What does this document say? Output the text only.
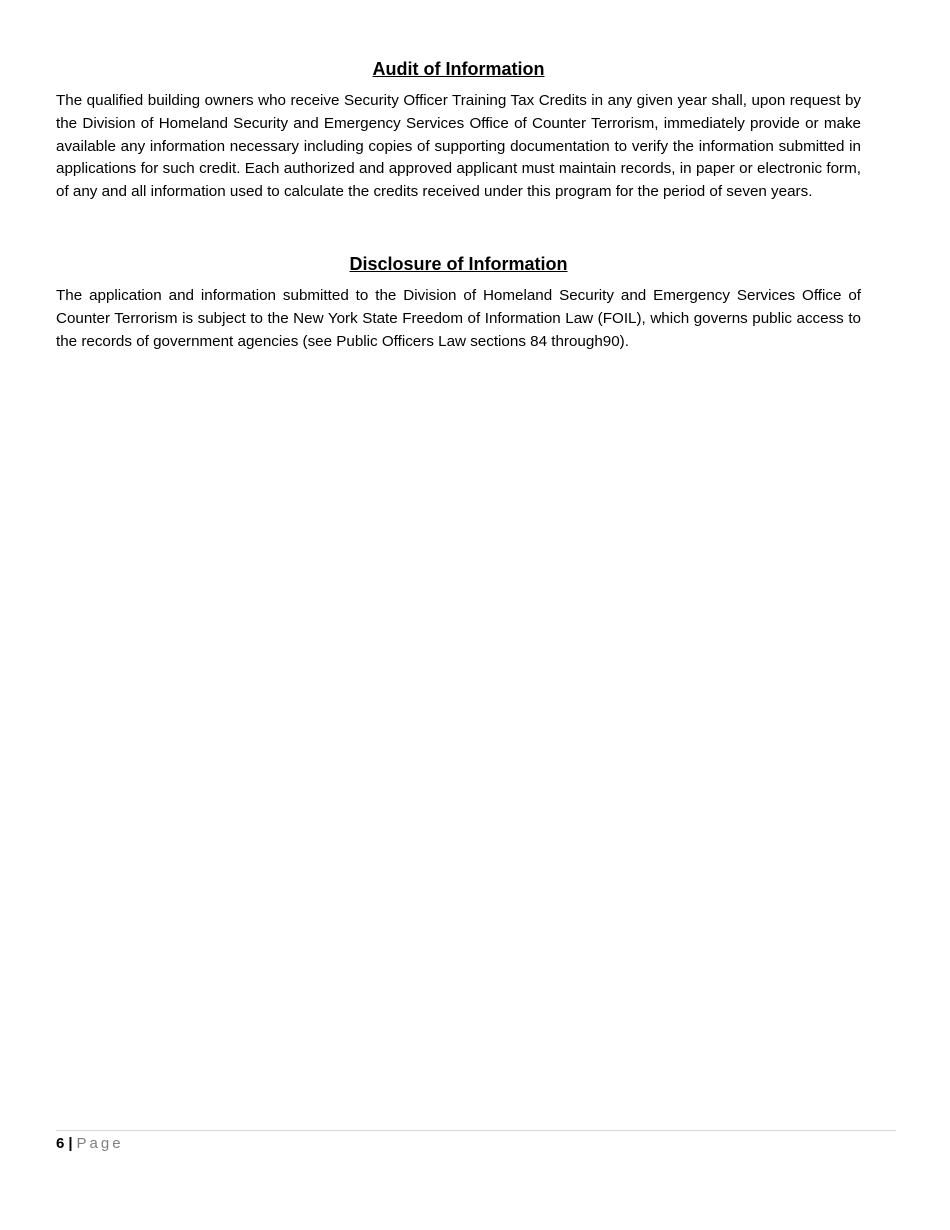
Audit of Information

The qualified building owners who receive Security Officer Training Tax Credits in any given year shall, upon request by the Division of Homeland Security and Emergency Services Office of Counter Terrorism, immediately provide or make available any information necessary including copies of supporting documentation to verify the information submitted in applications for such credit. Each authorized and approved applicant must maintain records, in paper or electronic form, of any and all information used to calculate the credits received under this program for the period of seven years.

Disclosure of Information

The application and information submitted to the Division of Homeland Security and Emergency Services Office of Counter Terrorism is subject to the New York State Freedom of Information Law (FOIL), which governs public access to the records of government agencies (see Public Officers Law sections 84 through90).

6 | Page
